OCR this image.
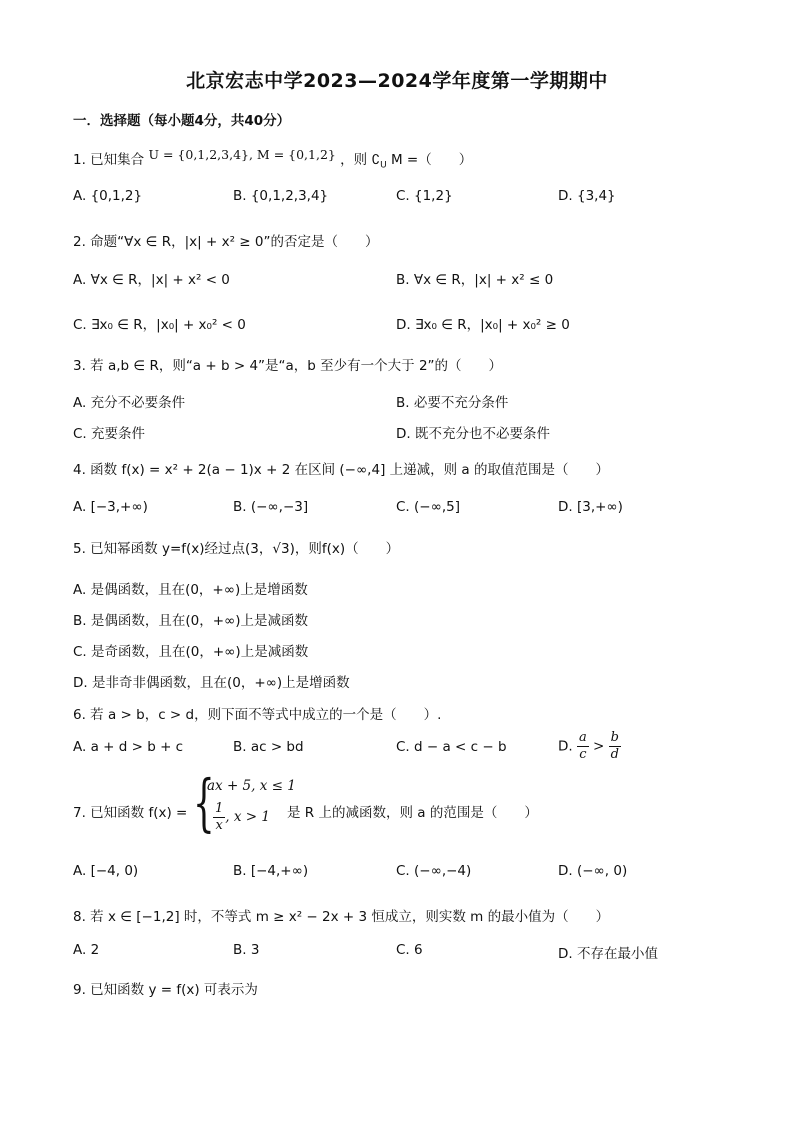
北京宏志中学2023—2024学年度第一学期期中
一．选择题（每小题4分，共40分）
1. 已知集合 U = {0,1,2,3,4}, M = {0,1,2} ，则 $∁_U$ M =（　　）
A. {0,1,2}	B. {0,1,2,3,4}	C. {1,2}	D. {3,4}
2. 命题“∀x ∈ R，|x| + x² ≥ 0”的否定是（　　）
A. ∀x ∈ R，|x| + x² < 0	B. ∀x ∈ R，|x| + x² ≤ 0
C. ∃x₀ ∈ R，|x₀| + x₀² < 0	D. ∃x₀ ∈ R，|x₀| + x₀² ≥ 0
3. 若 a,b ∈ R，则“a + b > 4”是“a，b 至少有一个大于 2”的（　　）
A. 充分不必要条件	B. 必要不充分条件
C. 充要条件	D. 既不充分也不必要条件
4. 函数 f(x) = x² + 2(a − 1)x + 2 在区间 (−∞,4] 上递减，则 a 的取值范围是（　　）
A. [−3,+∞)	B. (−∞,−3]	C. (−∞,5]	D. [3,+∞)
5. 已知幂函数 y=f(x)经过点(3，√3)，则f(x)（　　）
A. 是偶函数，且在(0，+∞)上是增函数
B. 是偶函数，且在(0，+∞)上是减函数
C. 是奇函数，且在(0，+∞)上是减函数
D. 是非奇非偶函数，且在(0，+∞)上是增函数
6. 若 a > b，c > d，则下面不等式中成立的一个是（　　）.
A. a + d > b + c	B. ac > bd	C. d − a < c − b	D. $\frac{a}{c} > \frac{b}{d}$
7. 已知函数 f(x) = {
ax + 5, x ≤ 1
$\frac{1}{x}$ , x > 1 是 R 上的减函数，则 a 的范围是（　　）
A. [−4, 0)	B. [−4,+∞)	C. (−∞,−4)	D. (−∞, 0)
8. 若 x ∈ [−1,2] 时，不等式 m ≥ x² − 2x + 3 恒成立，则实数 m 的最小值为（　　）
A. 2	B. 3	C. 6	D. 不存在最小值
9. 已知函数 y = f(x) 可表示为
